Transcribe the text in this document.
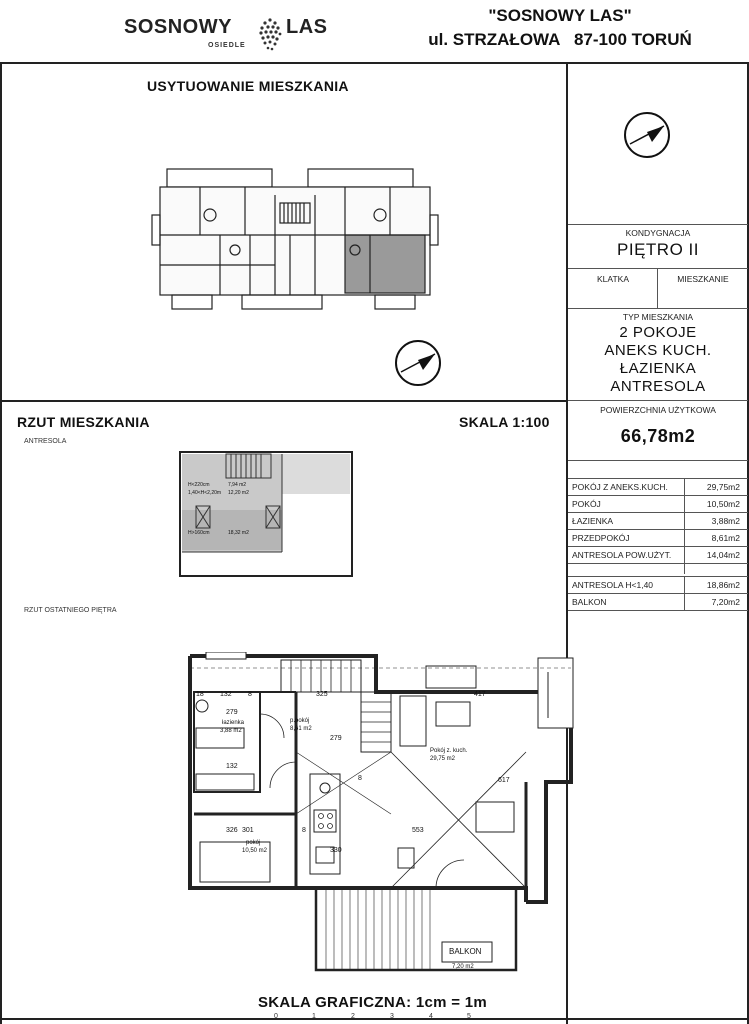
SOSNOWY	LAS
OSIEDLE
"SOSNOWY LAS"
ul. STRZAŁOWA   87-100 TORUŃ
USYTUOWANIE MIESZKANIA
RZUT MIESZKANIA	SKALA 1:100
ANTRESOLA
H<220cm	7,94 m2
1,40<H<2,20m 12,20 m2
H>160cm	18,32 m2
RZUT OSTATNIEGO PIĘTRA
18 132 8	325	417
279
279
132
326 301	8	553
330
8	617
łazienka
3,88 m2
p.pokój
8,61 m2
Pokój z. kuch.
29,75 m2
pokój
10,50 m2
BALKON
7,20 m2
SKALA GRAFICZNA: 1cm = 1m
0	1	2	3	4	5
KONDYGNACJA
PIĘTRO II
KLATKA	MIESZKANIE
TYP MIESZKANIA
2 POKOJE
ANEKS KUCH.
ŁAZIENKA
ANTRESOLA
POWIERZCHNIA UŻYTKOWA
66,78m2
POKÓJ Z ANEKS.KUCH.	29,75m2
POKÓJ	10,50m2
ŁAZIENKA	3,88m2
PRZEDPOKÓJ	8,61m2
ANTRESOLA POW.UŻYT.	14,04m2
ANTRESOLA H<1,40	18,86m2
BALKON	7,20m2
